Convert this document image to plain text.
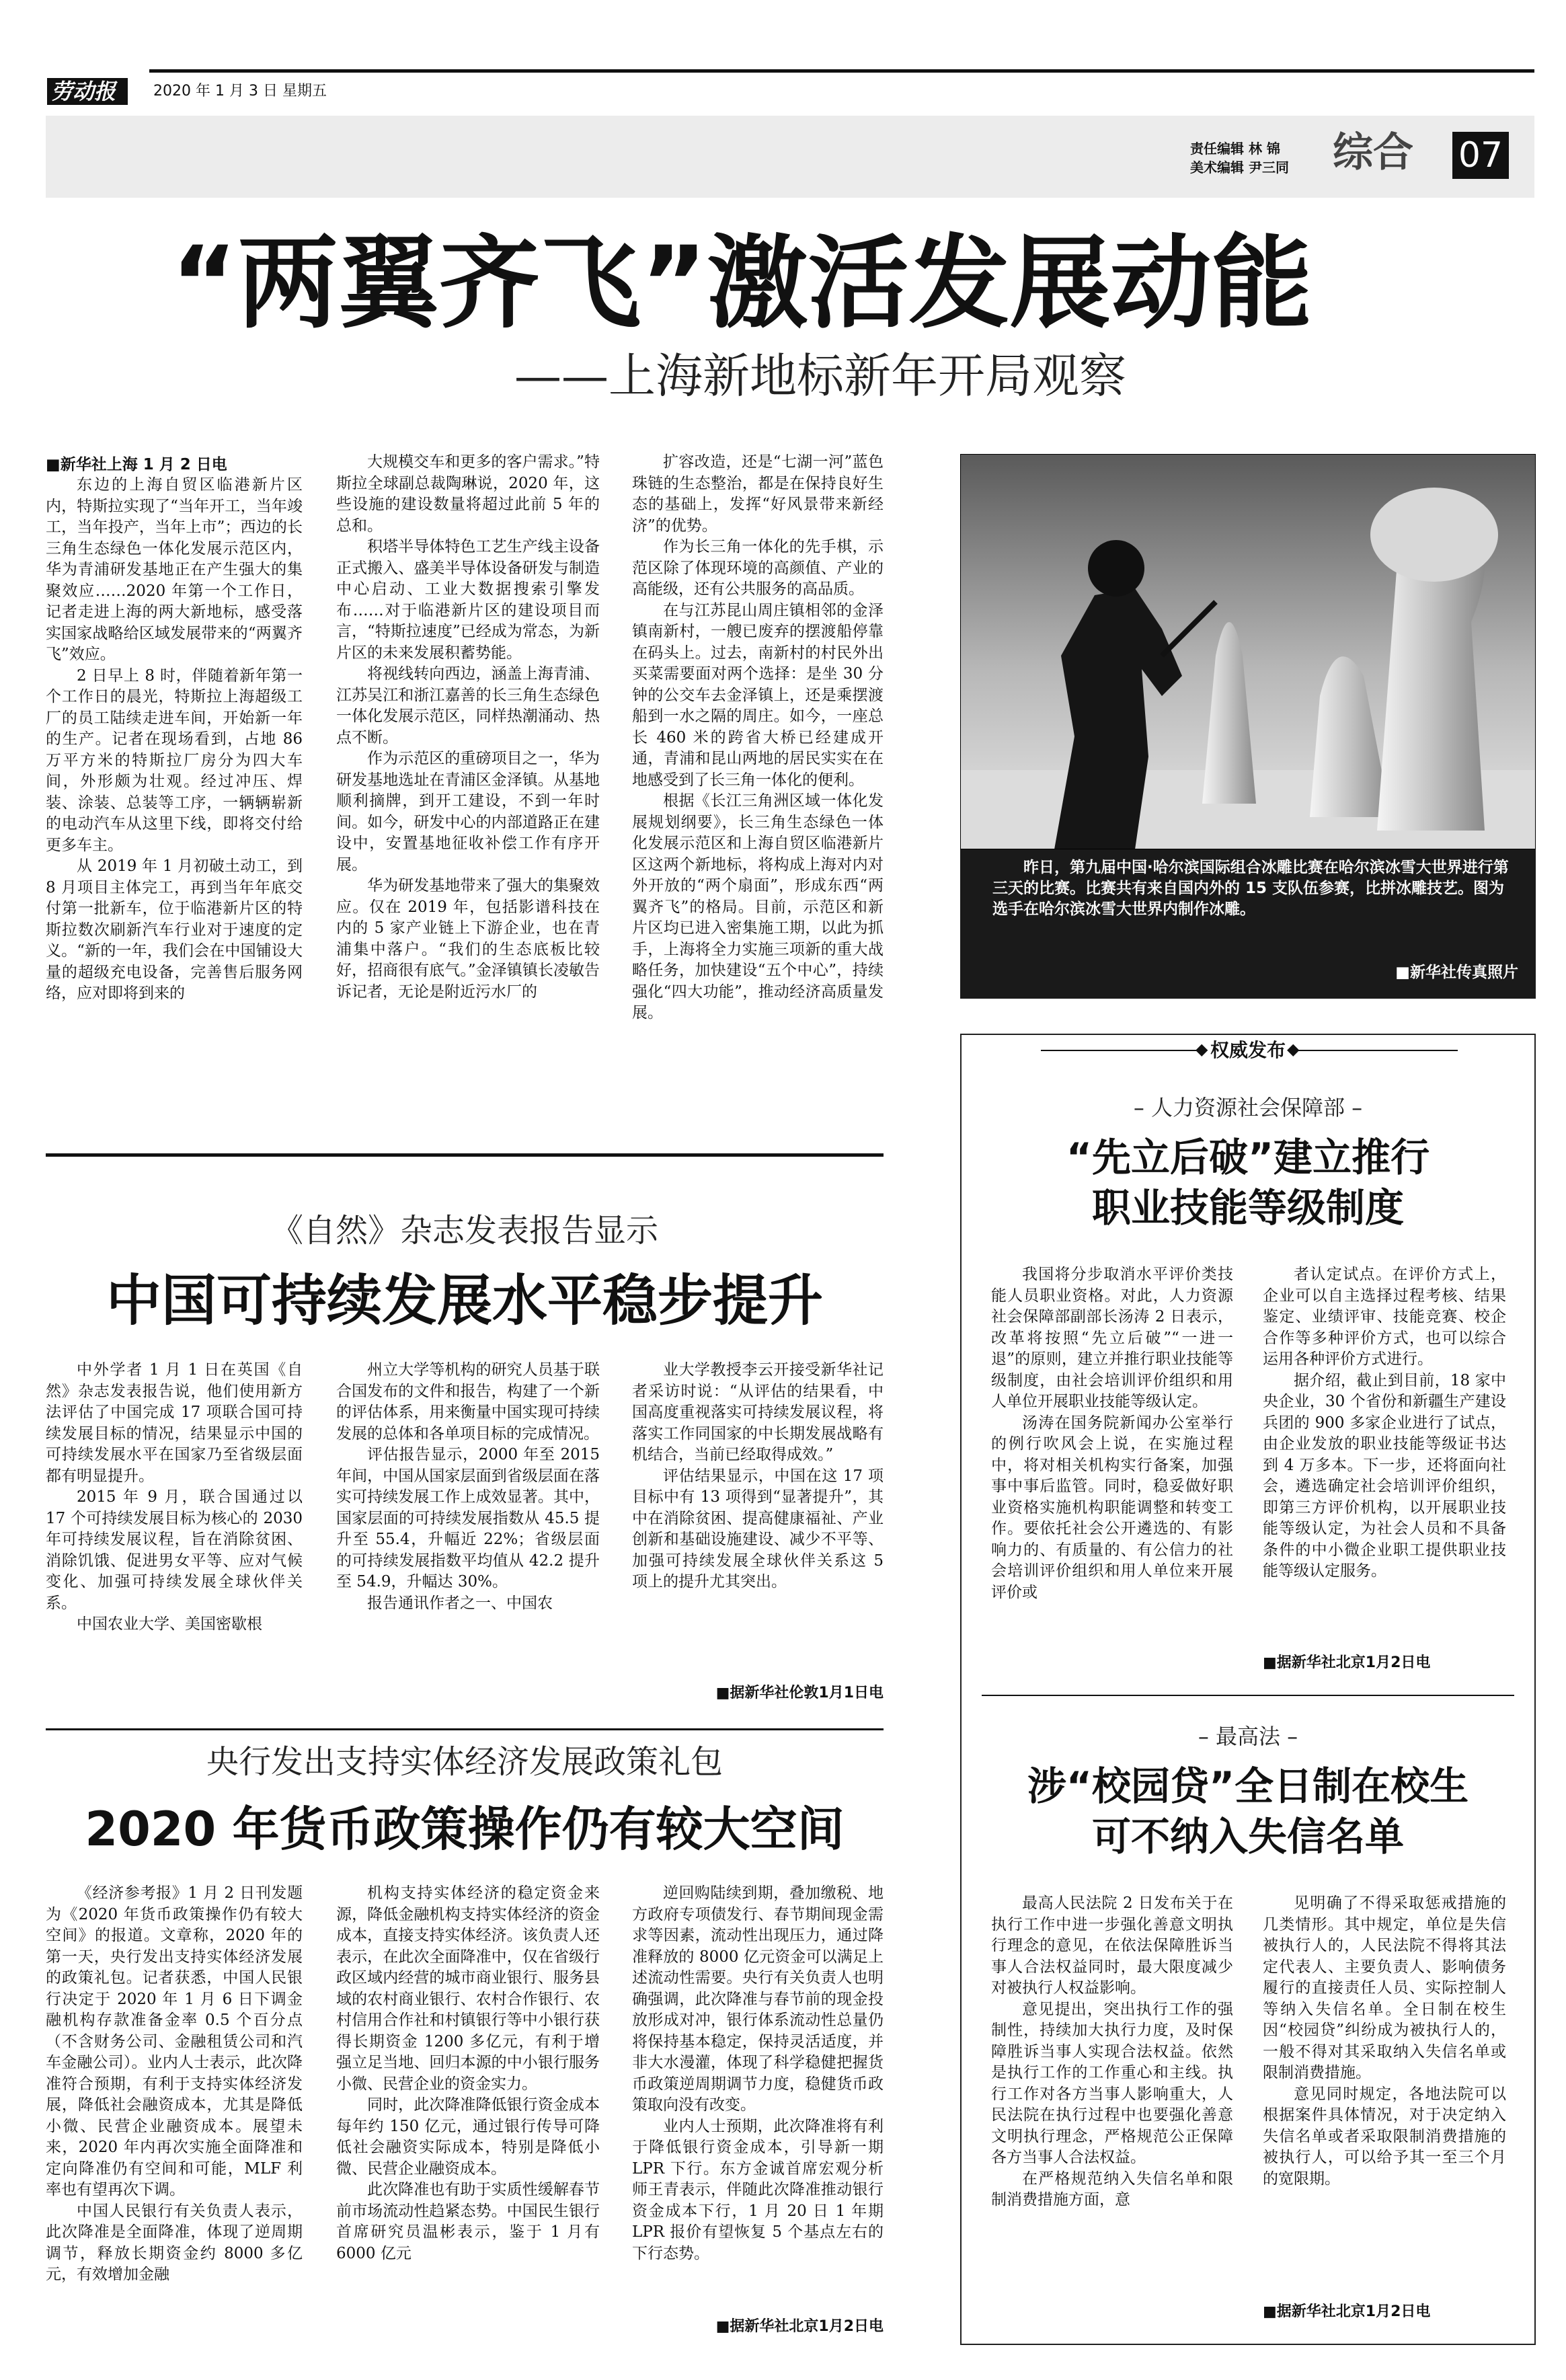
劳动报	2020 年 1 月 3 日 星期五
责任编辑 林 锦
美术编辑 尹三同 综合 07
“两翼齐飞”激活发展动能
——上海新地标新年开局观察
■新华社上海 1 月 2 日电

东边的上海自贸区临港新片区内，特斯拉实现了“当年开工，当年竣工，当年投产，当年上市”；西边的长三角生态绿色一体化发展示范区内，华为青浦研发基地正在产生强大的集聚效应……2020 年第一个工作日，记者走进上海的两大新地标，感受落实国家战略给区域发展带来的“两翼齐飞”效应。

2 日早上 8 时，伴随着新年第一个工作日的晨光，特斯拉上海超级工厂的员工陆续走进车间，开始新一年的生产。记者在现场看到，占地 86 万平方米的特斯拉厂房分为四大车间，外形颇为壮观。经过冲压、焊装、涂装、总装等工序，一辆辆崭新的电动汽车从这里下线，即将交付给更多车主。

从 2019 年 1 月初破土动工，到 8 月项目主体完工，再到当年年底交付第一批新车，位于临港新片区的特斯拉数次刷新汽车行业对于速度的定义。“新的一年，我们会在中国铺设大量的超级充电设备，完善售后服务网络，应对即将到来的

大规模交车和更多的客户需求。”特斯拉全球副总裁陶琳说，2020 年，这些设施的建设数量将超过此前 5 年的总和。

积塔半导体特色工艺生产线主设备正式搬入、盛美半导体设备研发与制造中心启动、工业大数据搜索引擎发布……对于临港新片区的建设项目而言，“特斯拉速度”已经成为常态，为新片区的未来发展积蓄势能。

将视线转向西边，涵盖上海青浦、江苏吴江和浙江嘉善的长三角生态绿色一体化发展示范区，同样热潮涌动、热点不断。

作为示范区的重磅项目之一，华为研发基地选址在青浦区金泽镇。从基地顺利摘牌，到开工建设，不到一年时间。如今，研发中心的内部道路正在建设中，安置基地征收补偿工作有序开展。

华为研发基地带来了强大的集聚效应。仅在 2019 年，包括影谱科技在内的 5 家产业链上下游企业，也在青浦集中落户。“我们的生态底板比较好，招商很有底气。”金泽镇镇长凌敏告诉记者，无论是附近污水厂的

扩容改造，还是“七湖一河”蓝色珠链的生态整治，都是在保持良好生态的基础上，发挥“好风景带来新经济”的优势。

作为长三角一体化的先手棋，示范区除了体现环境的高颜值、产业的高能级，还有公共服务的高品质。

在与江苏昆山周庄镇相邻的金泽镇南新村，一艘已废弃的摆渡船停靠在码头上。过去，南新村的村民外出买菜需要面对两个选择：是坐 30 分钟的公交车去金泽镇上，还是乘摆渡船到一水之隔的周庄。如今，一座总长 460 米的跨省大桥已经建成开通，青浦和昆山两地的居民实实在在地感受到了长三角一体化的便利。

根据《长江三角洲区域一体化发展规划纲要》，长三角生态绿色一体化发展示范区和上海自贸区临港新片区这两个新地标，将构成上海对内对外开放的“两个扇面”，形成东西“两翼齐飞”的格局。目前，示范区和新片区均已进入密集施工期，以此为抓手，上海将全力实施三项新的重大战略任务，加快建设“五个中心”，持续强化“四大功能”，推动经济高质量发展。

昨日，第九届中国·哈尔滨国际组合冰雕比赛在哈尔滨冰雪大世界进行第三天的比赛。比赛共有来自国内外的 15 支队伍参赛，比拼冰雕技艺。图为选手在哈尔滨冰雪大世界内制作冰雕。
■新华社传真照片
《自然》杂志发表报告显示
中国可持续发展水平稳步提升

中外学者 1 月 1 日在英国《自然》杂志发表报告说，他们使用新方法评估了中国完成 17 项联合国可持续发展目标的情况，结果显示中国的可持续发展水平在国家乃至省级层面都有明显提升。

2015 年 9 月，联合国通过以 17 个可持续发展目标为核心的 2030 年可持续发展议程，旨在消除贫困、消除饥饿、促进男女平等、应对气候变化、加强可持续发展全球伙伴关系。

中国农业大学、美国密歇根

州立大学等机构的研究人员基于联合国发布的文件和报告，构建了一个新的评估体系，用来衡量中国实现可持续发展的总体和各单项目标的完成情况。

评估报告显示，2000 年至 2015 年间，中国从国家层面到省级层面在落实可持续发展工作上成效显著。其中，国家层面的可持续发展指数从 45.5 提升至 55.4，升幅近 22%；省级层面的可持续发展指数平均值从 42.2 提升至 54.9，升幅达 30%。

报告通讯作者之一、中国农

业大学教授李云开接受新华社记者采访时说：“从评估的结果看，中国高度重视落实可持续发展议程，将落实工作同国家的中长期发展战略有机结合，当前已经取得成效。”

评估结果显示，中国在这 17 项目标中有 13 项得到“显著提升”，其中在消除贫困、提高健康福祉、产业创新和基础设施建设、减少不平等、加强可持续发展全球伙伴关系这 5 项上的提升尤其突出。

■据新华社伦敦1月1日电
央行发出支持实体经济发展政策礼包
2020 年货币政策操作仍有较大空间

《经济参考报》1 月 2 日刊发题为《2020 年货币政策操作仍有较大空间》的报道。文章称，2020 年的第一天，央行发出支持实体经济发展的政策礼包。记者获悉，中国人民银行决定于 2020 年 1 月 6 日下调金融机构存款准备金率 0.5 个百分点（不含财务公司、金融租赁公司和汽车金融公司）。业内人士表示，此次降准符合预期，有利于支持实体经济发展，降低社会融资成本，尤其是降低小微、民营企业融资成本。展望未来，2020 年内再次实施全面降准和定向降准仍有空间和可能，MLF 利率也有望再次下调。

中国人民银行有关负责人表示，此次降准是全面降准，体现了逆周期调节，释放长期资金约 8000 多亿元，有效增加金融

机构支持实体经济的稳定资金来源，降低金融机构支持实体经济的资金成本，直接支持实体经济。该负责人还表示，在此次全面降准中，仅在省级行政区域内经营的城市商业银行、服务县域的农村商业银行、农村合作银行、农村信用合作社和村镇银行等中小银行获得长期资金 1200 多亿元，有利于增强立足当地、回归本源的中小银行服务小微、民营企业的资金实力。

同时，此次降准降低银行资金成本每年约 150 亿元，通过银行传导可降低社会融资实际成本，特别是降低小微、民营企业融资成本。

此次降准也有助于实质性缓解春节前市场流动性趋紧态势。中国民生银行首席研究员温彬表示，鉴于 1 月有 6000 亿元

逆回购陆续到期，叠加缴税、地方政府专项债发行、春节期间现金需求等因素，流动性出现压力，通过降准释放的 8000 亿元资金可以满足上述流动性需要。央行有关负责人也明确强调，此次降准与春节前的现金投放形成对冲，银行体系流动性总量仍将保持基本稳定，保持灵活适度，并非大水漫灌，体现了科学稳健把握货币政策逆周期调节力度，稳健货币政策取向没有改变。

业内人士预期，此次降准将有利于降低银行资金成本，引导新一期 LPR 下行。东方金诚首席宏观分析师王青表示，伴随此次降准推动银行资金成本下行，1 月 20 日 1 年期 LPR 报价有望恢复 5 个基点左右的下行态势。

■据新华社北京1月2日电
◆	◆
权威发布
– 人力资源社会保障部 –
“先立后破”建立推行
职业技能等级制度

我国将分步取消水平评价类技能人员职业资格。对此，人力资源社会保障部副部长汤涛 2 日表示，改革将按照“先立后破”“一进一退”的原则，建立并推行职业技能等级制度，由社会培训评价组织和用人单位开展职业技能等级认定。

汤涛在国务院新闻办公室举行的例行吹风会上说，在实施过程中，将对相关机构实行备案，加强事中事后监管。同时，稳妥做好职业资格实施机构职能调整和转变工作。要依托社会公开遴选的、有影响力的、有质量的、有公信力的社会培训评价组织和用人单位来开展评价或

者认定试点。在评价方式上，企业可以自主选择过程考核、结果鉴定、业绩评审、技能竞赛、校企合作等多种评价方式，也可以综合运用各种评价方式进行。

据介绍，截止到目前，18 家中央企业，30 个省份和新疆生产建设兵团的 900 多家企业进行了试点，由企业发放的职业技能等级证书达到 4 万多本。下一步，还将面向社会，遴选确定社会培训评价组织，即第三方评价机构，以开展职业技能等级认定，为社会人员和不具备条件的中小微企业职工提供职业技能等级认定服务。

■据新华社北京1月2日电
– 最高法 –
涉“校园贷”全日制在校生
可不纳入失信名单

最高人民法院 2 日发布关于在执行工作中进一步强化善意文明执行理念的意见，在依法保障胜诉当事人合法权益同时，最大限度减少对被执行人权益影响。

意见提出，突出执行工作的强制性，持续加大执行力度，及时保障胜诉当事人实现合法权益。依然是执行工作的工作重心和主线。执行工作对各方当事人影响重大，人民法院在执行过程中也要强化善意文明执行理念，严格规范公正保障各方当事人合法权益。

在严格规范纳入失信名单和限制消费措施方面，意

见明确了不得采取惩戒措施的几类情形。其中规定，单位是失信被执行人的，人民法院不得将其法定代表人、主要负责人、影响债务履行的直接责任人员、实际控制人等纳入失信名单。全日制在校生因“校园贷”纠纷成为被执行人的，一般不得对其采取纳入失信名单或限制消费措施。

意见同时规定，各地法院可以根据案件具体情况，对于决定纳入失信名单或者采取限制消费措施的被执行人，可以给予其一至三个月的宽限期。

■据新华社北京1月2日电
